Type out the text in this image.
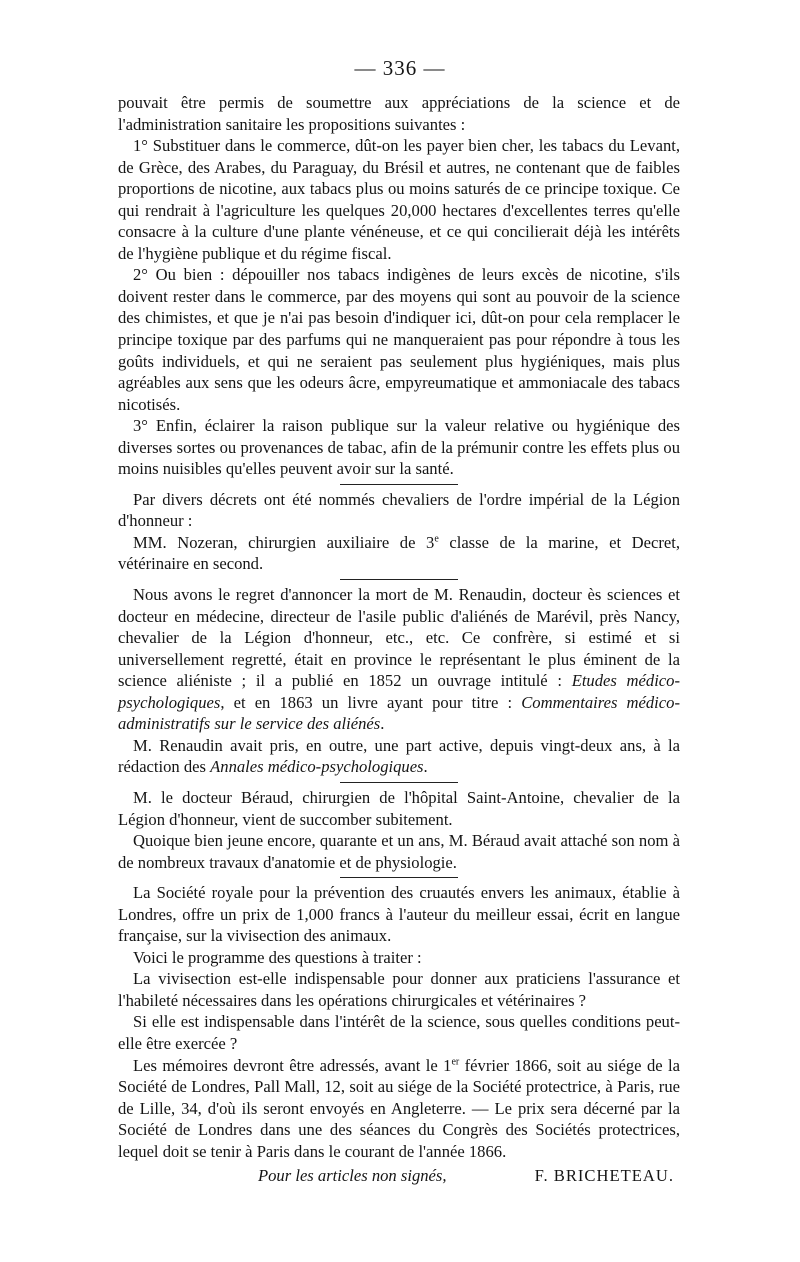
— 336 —

pouvait être permis de soumettre aux appréciations de la science et de l'administration sanitaire les propositions suivantes :

1° Substituer dans le commerce, dût-on les payer bien cher, les tabacs du Levant, de Grèce, des Arabes, du Paraguay, du Brésil et autres, ne contenant que de faibles proportions de nicotine, aux tabacs plus ou moins saturés de ce principe toxique. Ce qui rendrait à l'agriculture les quelques 20,000 hectares d'excellentes terres qu'elle consacre à la culture d'une plante vénéneuse, et ce qui concilierait déjà les intérêts de l'hygiène publique et du régime fiscal.

2° Ou bien : dépouiller nos tabacs indigènes de leurs excès de nicotine, s'ils doivent rester dans le commerce, par des moyens qui sont au pouvoir de la science des chimistes, et que je n'ai pas besoin d'indiquer ici, dût-on pour cela remplacer le principe toxique par des parfums qui ne manqueraient pas pour répondre à tous les goûts individuels, et qui ne seraient pas seulement plus hygiéniques, mais plus agréables aux sens que les odeurs âcre, empyreumatique et ammoniacale des tabacs nicotisés.

3° Enfin, éclairer la raison publique sur la valeur relative ou hygiénique des diverses sortes ou provenances de tabac, afin de la prémunir contre les effets plus ou moins nuisibles qu'elles peuvent avoir sur la santé.

Par divers décrets ont été nommés chevaliers de l'ordre impérial de la Légion d'honneur :

MM. Nozeran, chirurgien auxiliaire de 3e classe de la marine, et Decret, vétérinaire en second.

Nous avons le regret d'annoncer la mort de M. Renaudin, docteur ès sciences et docteur en médecine, directeur de l'asile public d'aliénés de Marévil, près Nancy, chevalier de la Légion d'honneur, etc., etc. Ce confrère, si estimé et si universellement regretté, était en province le représentant le plus éminent de la science aliéniste ; il a publié en 1852 un ouvrage intitulé : Etudes médico-psychologiques, et en 1863 un livre ayant pour titre : Commentaires médico-administratifs sur le service des aliénés.

M. Renaudin avait pris, en outre, une part active, depuis vingt-deux ans, à la rédaction des Annales médico-psychologiques.

M. le docteur Béraud, chirurgien de l'hôpital Saint-Antoine, chevalier de la Légion d'honneur, vient de succomber subitement.

Quoique bien jeune encore, quarante et un ans, M. Béraud avait attaché son nom à de nombreux travaux d'anatomie et de physiologie.

La Société royale pour la prévention des cruautés envers les animaux, établie à Londres, offre un prix de 1,000 francs à l'auteur du meilleur essai, écrit en langue française, sur la vivisection des animaux.

Voici le programme des questions à traiter :

La vivisection est-elle indispensable pour donner aux praticiens l'assurance et l'habileté nécessaires dans les opérations chirurgicales et vétérinaires ?

Si elle est indispensable dans l'intérêt de la science, sous quelles conditions peut-elle être exercée ?

Les mémoires devront être adressés, avant le 1er février 1866, soit au siége de la Société de Londres, Pall Mall, 12, soit au siége de la Société protectrice, à Paris, rue de Lille, 34, d'où ils seront envoyés en Angleterre. — Le prix sera décerné par la Société de Londres dans une des séances du Congrès des Sociétés protectrices, lequel doit se tenir à Paris dans le courant de l'année 1866.

Pour les articles non signés,	F. BRICHETEAU.
